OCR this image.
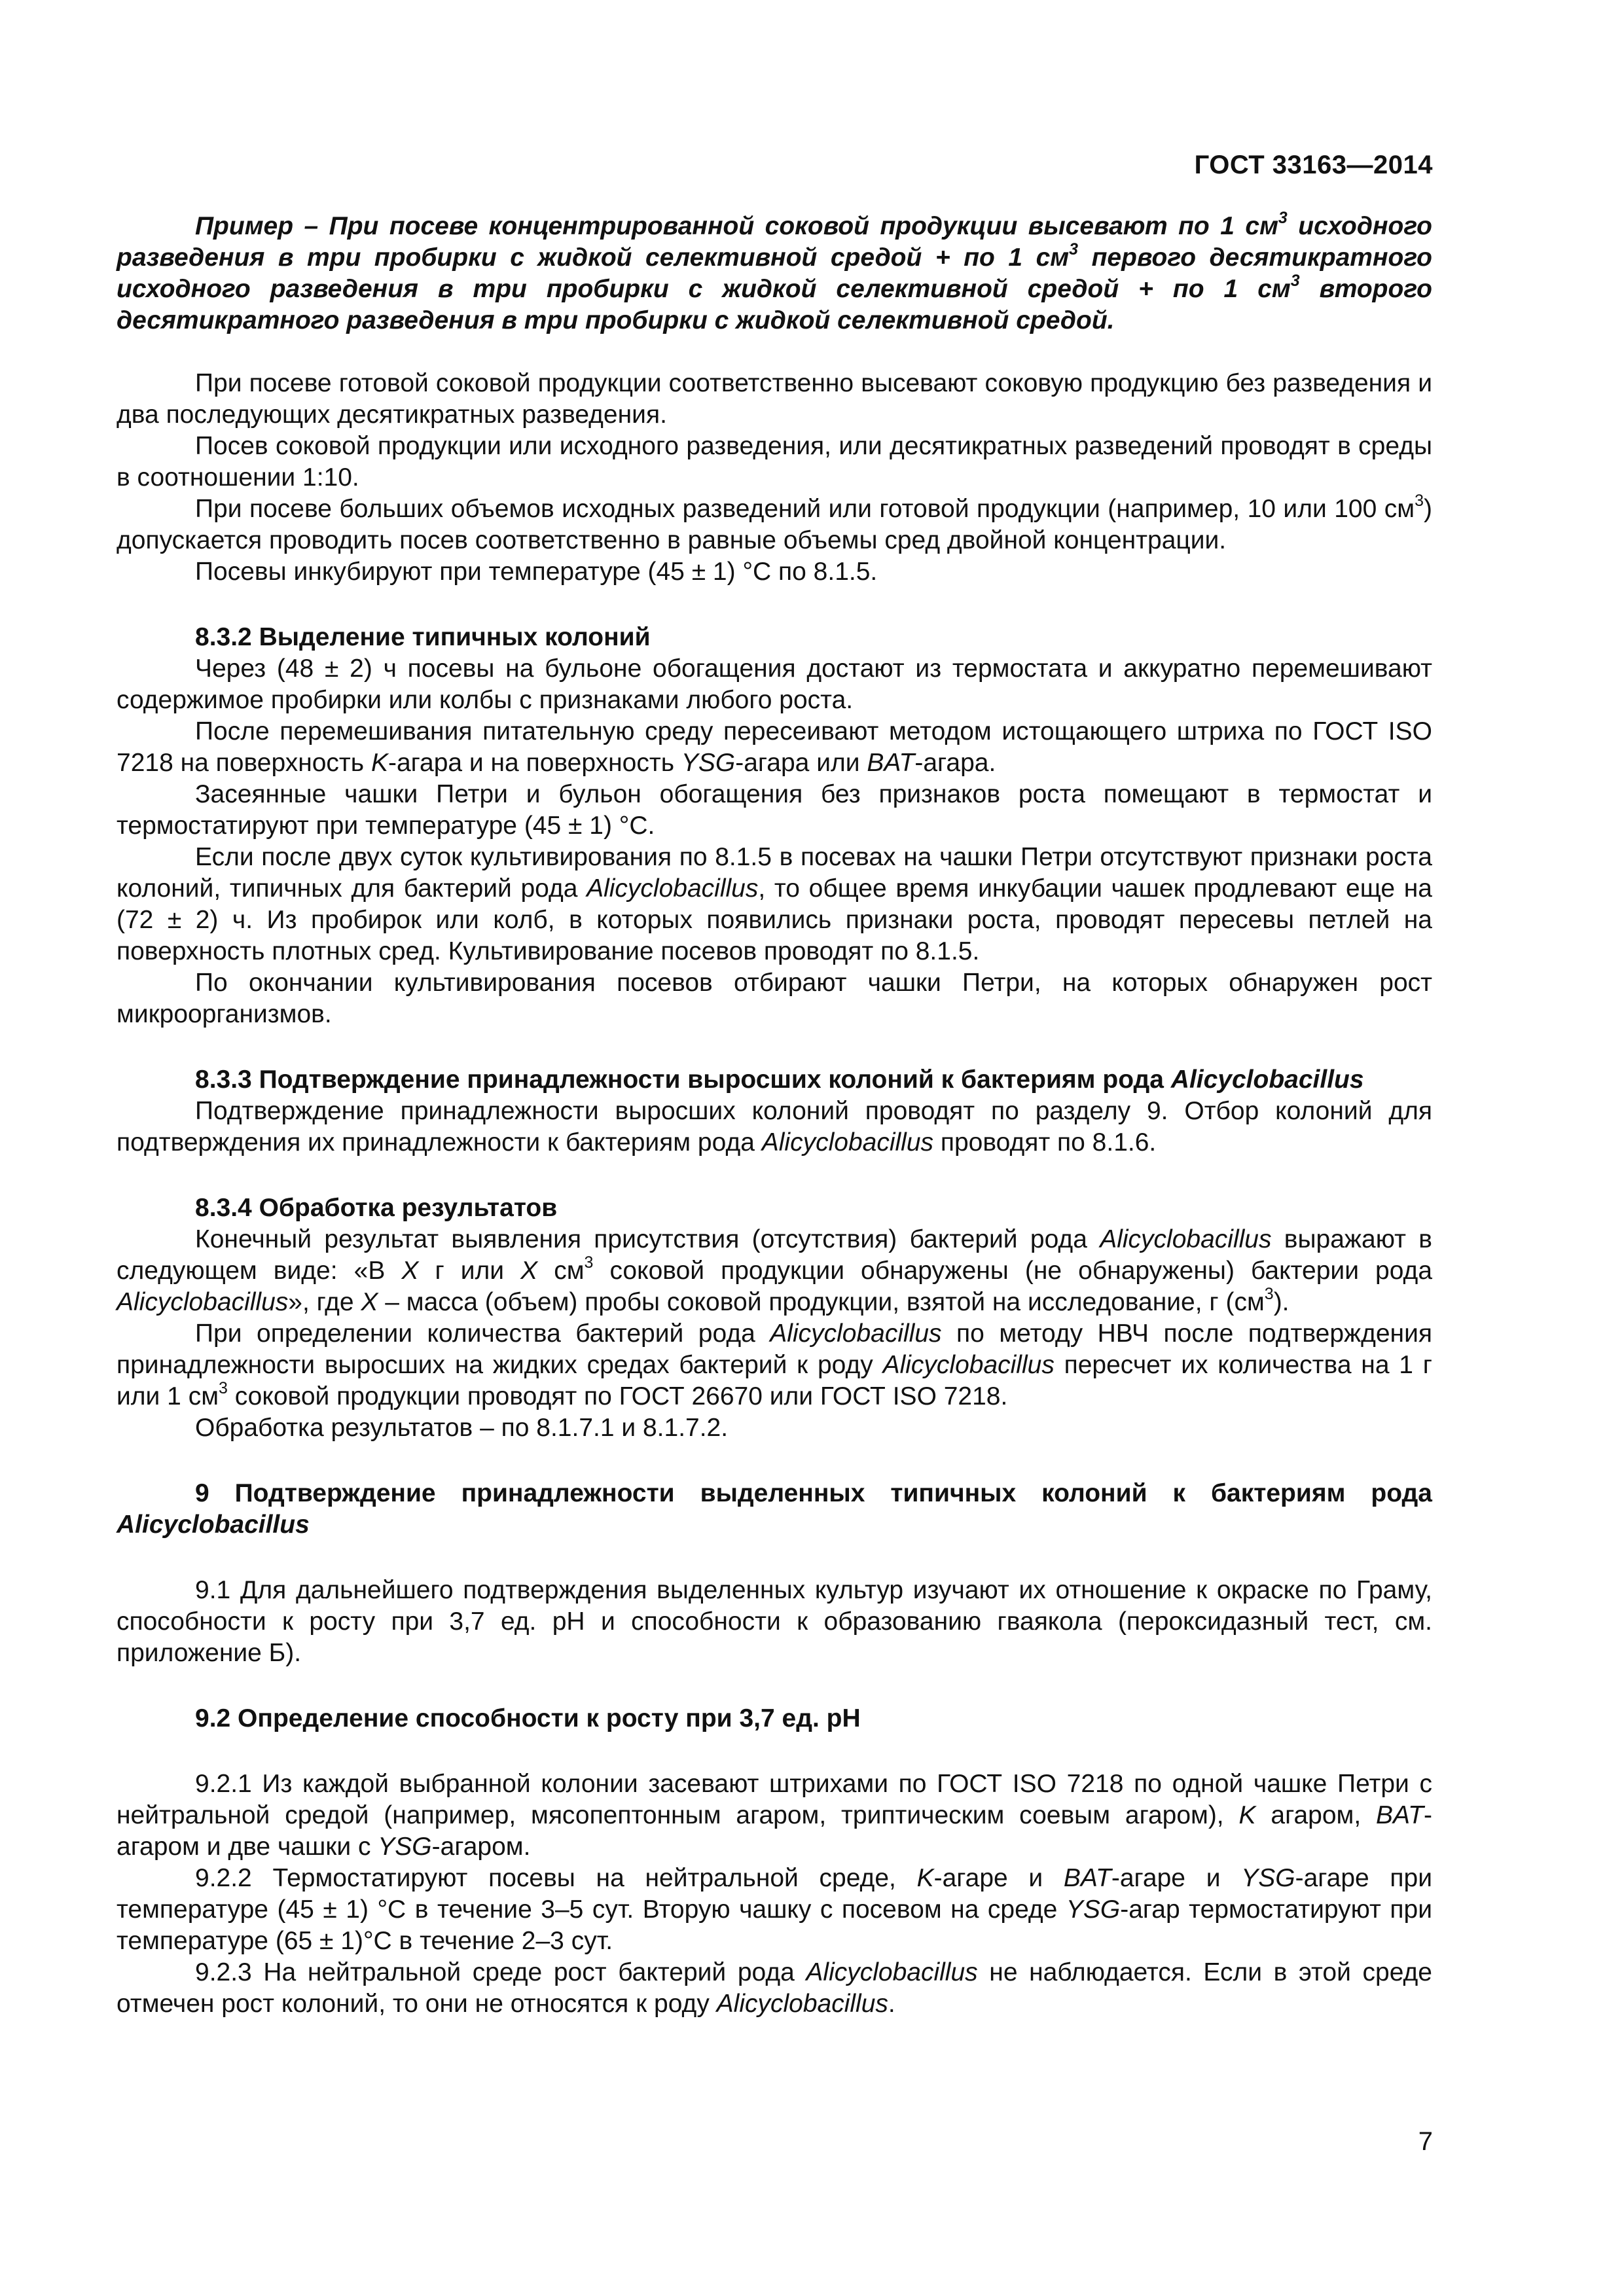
ГОСТ 33163—2014

Пример – При посеве концентрированной соковой продукции высевают по 1 $см^3$ исходного разведения в три пробирки с жидкой селективной средой + по 1 $см^3$ первого десятикратного исходного разведения в три пробирки с жидкой селективной средой + по 1 $см^3$ второго десятикратного разведения в три пробирки с жидкой селективной средой.

При посеве готовой соковой продукции соответственно высевают соковую продукцию без разведения и два последующих десятикратных разведения.

Посев соковой продукции или исходного разведения, или десятикратных разведений проводят в среды в соотношении 1:10.

При посеве больших объемов исходных разведений или готовой продукции (например, 10 или 100 $см^3$) допускается проводить посев соответственно в равные объемы сред двойной концентрации.

Посевы инкубируют при температуре (45 ± 1) °С по 8.1.5.

8.3.2 Выделение типичных колоний

Через (48 ± 2) ч посевы на бульоне обогащения достают из термостата и аккуратно перемешивают содержимое пробирки или колбы с признаками любого роста.

После перемешивания питательную среду пересеивают методом истощающего штриха по ГОСТ ISO 7218 на поверхность K-агара и на поверхность YSG-агара или BAT-агара.

Засеянные чашки Петри и бульон обогащения без признаков роста помещают в термостат и термостатируют при температуре (45 ± 1) °С.

Если после двух суток культивирования по 8.1.5 в посевах на чашки Петри отсутствуют признаки роста колоний, типичных для бактерий рода Alicyclobacillus, то общее время инкубации чашек продлевают еще на (72 ± 2) ч. Из пробирок или колб, в которых появились признаки роста, проводят пересевы петлей на поверхность плотных сред. Культивирование посевов проводят по 8.1.5.

По окончании культивирования посевов отбирают чашки Петри, на которых обнаружен рост микроорганизмов.

8.3.3 Подтверждение принадлежности выросших колоний к бактериям рода Alicyclobacillus

Подтверждение принадлежности выросших колоний проводят по разделу 9. Отбор колоний для подтверждения их принадлежности к бактериям рода Alicyclobacillus проводят по 8.1.6.

8.3.4 Обработка результатов

Конечный результат выявления присутствия (отсутствия) бактерий рода Alicyclobacillus выражают в следующем виде: «В X г или X $см^3$ соковой продукции обнаружены (не обнаружены) бактерии рода Alicyclobacillus», где X – масса (объем) пробы соковой продукции, взятой на исследование, г $(см^3)$.

При определении количества бактерий рода Alicyclobacillus по методу НВЧ после подтверждения принадлежности выросших на жидких средах бактерий к роду Alicyclobacillus пересчет их количества на 1 г или 1 $см^3$ соковой продукции проводят по ГОСТ 26670 или ГОСТ ISO 7218.

Обработка результатов – по 8.1.7.1 и 8.1.7.2.

9 Подтверждение принадлежности выделенных типичных колоний к бактериям рода Alicyclobacillus

9.1 Для дальнейшего подтверждения выделенных культур изучают их отношение к окраске по Граму, способности к росту при 3,7 ед. рН и способности к образованию гваякола (пероксидазный тест, см. приложение Б).

9.2 Определение способности к росту при 3,7 ед. рН

9.2.1 Из каждой выбранной колонии засевают штрихами по ГОСТ ISO 7218 по одной чашке Петри с нейтральной средой (например, мясопептонным агаром, триптическим соевым агаром), K агаром, BAT-агаром и две чашки с YSG-агаром.

9.2.2 Термостатируют посевы на нейтральной среде, K-агаре и BAT-агаре и YSG-агаре при температуре (45 ± 1) °С в течение 3–5 сут. Вторую чашку с посевом на среде YSG-агар термостатируют при температуре (65 ± 1)°С в течение 2–3 сут.

9.2.3 На нейтральной среде рост бактерий рода Alicyclobacillus не наблюдается. Если в этой среде отмечен рост колоний, то они не относятся к роду Alicyclobacillus.

7
